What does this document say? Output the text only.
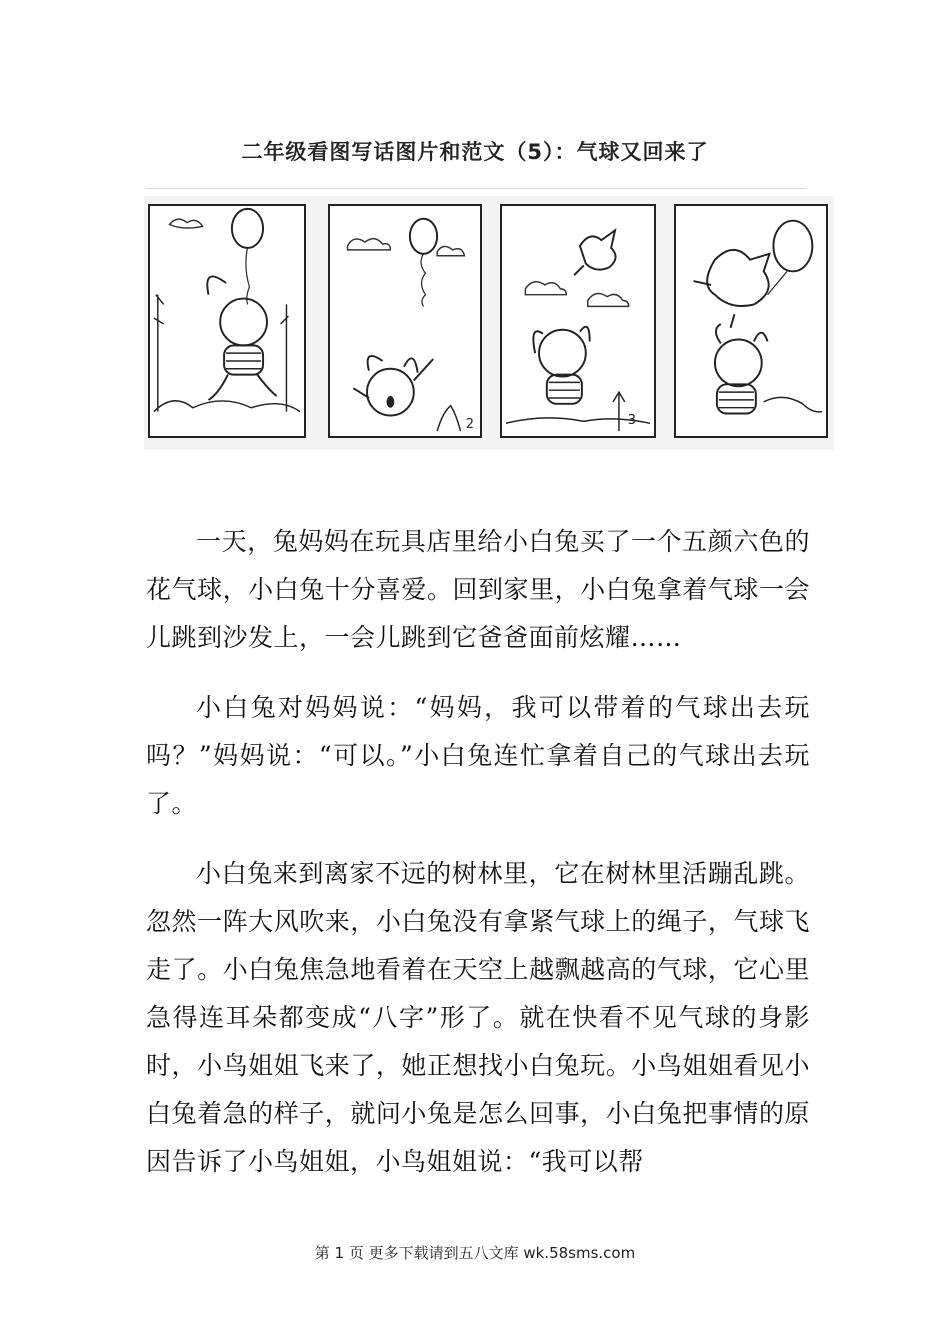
二年级看图写话图片和范文（5）：气球又回来了
2	3

一天，兔妈妈在玩具店里给小白兔买了一个五颜六色的花气球，小白兔十分喜爱。回到家里，小白兔拿着气球一会儿跳到沙发上，一会儿跳到它爸爸面前炫耀……

小白兔对妈妈说：“妈妈，我可以带着的气球出去玩吗？”妈妈说：“可以。”小白兔连忙拿着自己的气球出去玩了。

小白兔来到离家不远的树林里，它在树林里活蹦乱跳。忽然一阵大风吹来，小白兔没有拿紧气球上的绳子，气球飞走了。小白兔焦急地看着在天空上越飘越高的气球，它心里急得连耳朵都变成“八字”形了。就在快看不见气球的身影时，小鸟姐姐飞来了，她正想找小白兔玩。小鸟姐姐看见小白兔着急的样子，就问小兔是怎么回事，小白兔把事情的原因告诉了小鸟姐姐，小鸟姐姐说：“我可以帮

第 1 页 更多下载请到五八文库 wk.58sms.com
